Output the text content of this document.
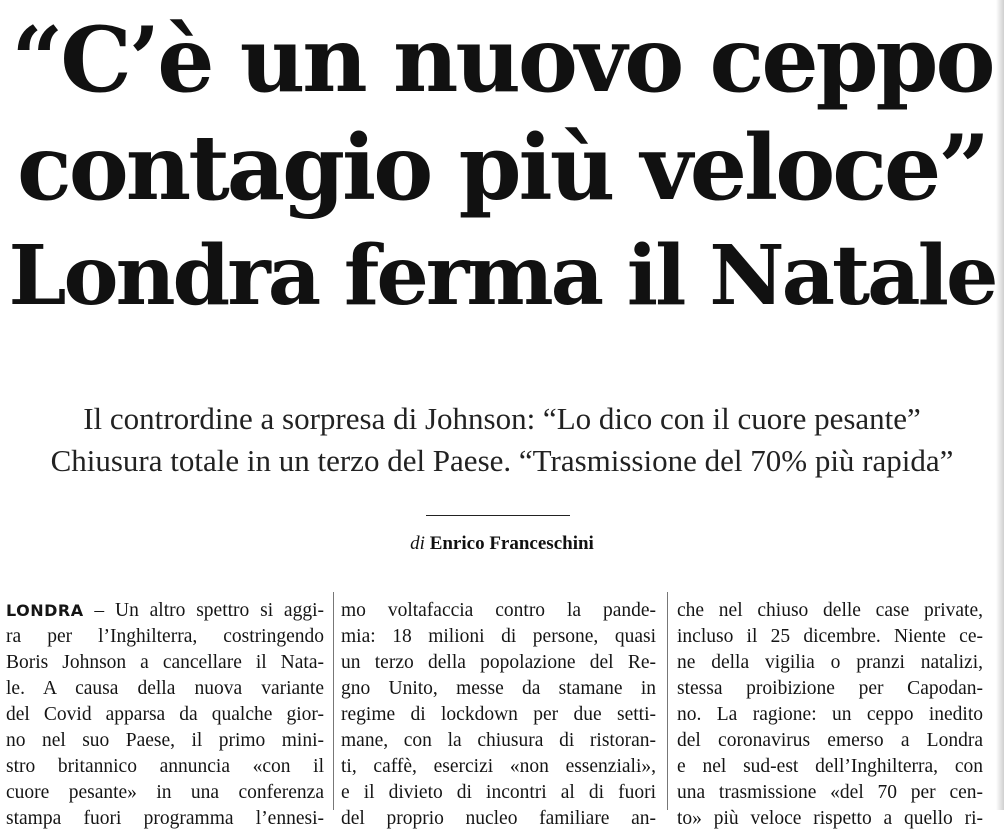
“C’è un nuovo ceppo
contagio più veloce”
Londra ferma il Natale
Il contrordine a sorpresa di Johnson: “Lo dico con il cuore pesante”
Chiusura totale in un terzo del Paese. “Trasmissione del 70% più rapida”
di Enrico Franceschini
LONDRA – Un altro spettro si aggi-
ra per l’Inghilterra, costringendo
Boris Johnson a cancellare il Nata-
le. A causa della nuova variante
del Covid apparsa da qualche gior-
no nel suo Paese, il primo mini-
stro britannico annuncia «con il
cuore pesante» in una conferenza
stampa fuori programma l’ennesi-
mo voltafaccia contro la pande-
mia: 18 milioni di persone, quasi
un terzo della popolazione del Re-
gno Unito, messe da stamane in
regime di lockdown per due setti-
mane, con la chiusura di ristoran-
ti, caffè, esercizi «non essenziali»,
e il divieto di incontri al di fuori
del proprio nucleo familiare an-
che nel chiuso delle case private,
incluso il 25 dicembre. Niente ce-
ne della vigilia o pranzi natalizi,
stessa proibizione per Capodan-
no. La ragione: un ceppo inedito
del coronavirus emerso a Londra
e nel sud-est dell’Inghilterra, con
una trasmissione «del 70 per cen-
to» più veloce rispetto a quello ri-
